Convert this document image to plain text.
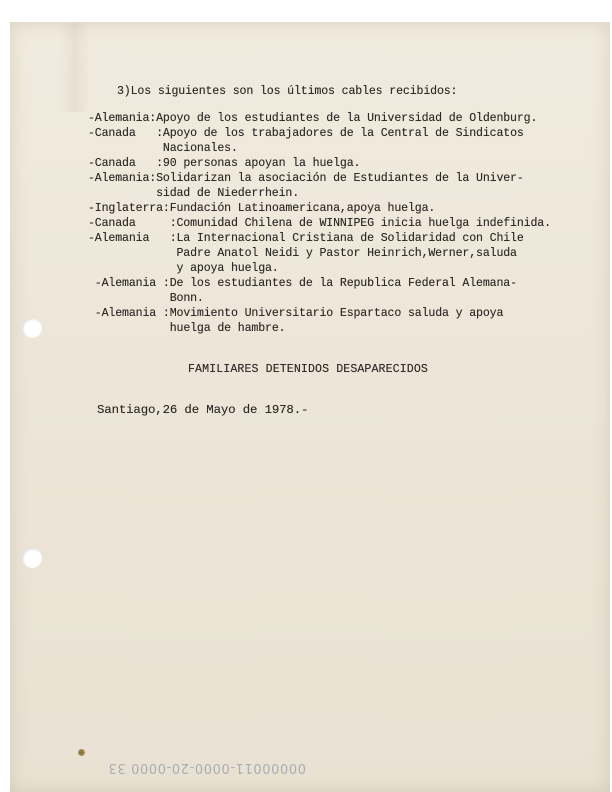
3)Los siguientes son los últimos cables recibidos:
-Alemania: Apoyo de los estudiantes de la Universidad de Oldenburg.
-Canada   : Apoyo de los trabajadores de la Central de Sindicatos
Nacionales.
-Canada   : 90 personas apoyan la huelga.
-Alemania: Solidarizan la asociación de Estudiantes de la Univer-
sidad de Niederrhein.
-Inglaterra: Fundación Latinoamericana,apoya huelga.
-Canada     : Comunidad Chilena de WINNIPEG inicia huelga indefinida.
-Alemania   : La Internacional Cristiana de Solidaridad con Chile
Padre Anatol Neidi y Pastor Heinrich,Werner,saluda
y apoya huelga.
-Alemania : De los estudiantes de la Republica Federal Alemana-
Bonn.
-Alemania : Movimiento Universitario Espartaco saluda y apoya
huelga de hambre.
FAMILIARES DETENIDOS DESAPARECIDOS
Santiago,26 de Mayo de 1978.-
00000011-0000-20-0000 33
